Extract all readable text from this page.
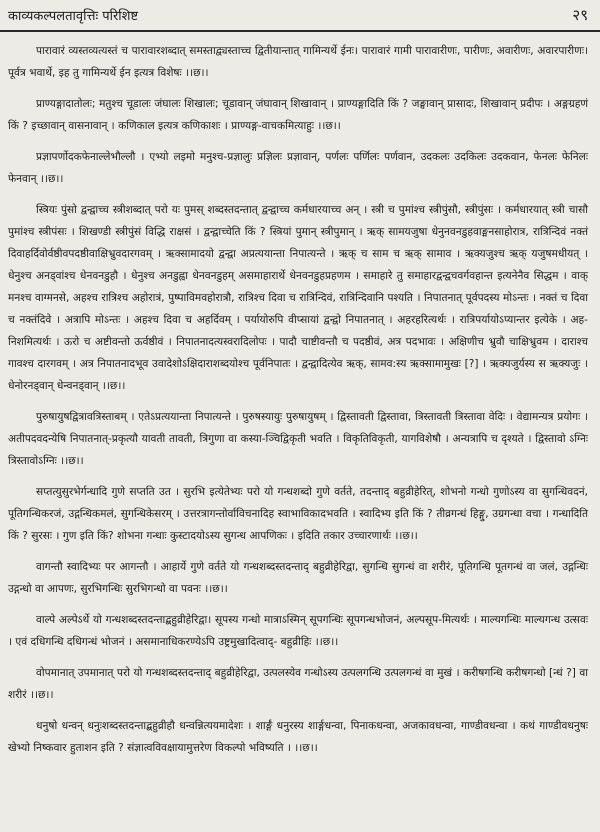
काव्यकल्पलतावृत्तिः परिशिष्ट	२९

पारावारं व्यस्तव्यत्यस्तं च पारावारशब्दात् समस्ताद्व्यस्ताच्च द्वितीयान्तात् गामिन्यर्थे ईनः। पारावारं गामी पारावारीणः, पारीणः, अवारीणः, अवारपारीणः। पूर्वत्र भवार्थे, इह तु गामिन्यर्थे ईन इत्यत्र विशेषः ।।छ।।

प्राण्यङ्गादातोलः; मतुश्च चूडालः जंघालः शिखालः; चूडावान् जंघावान् शिखावान् । प्राण्यङ्गादिति किं ? जङ्घावान् प्रासादः, शिखावान् प्रदीपः । अङ्गग्रहणं किं ? इच्छावान् वासनावान् । कणिकाल इत्यत्र कणिकाशः । प्राण्यङ्ग-वाचकमित्याहुः ।।छ।।

प्रज्ञापर्णोदकफेनाल्लेभौल्लौ । एभ्यो लइमो मनुश्च-प्रज्ञालुः प्रज्ञिलः प्रज्ञावान्, पर्णलः पर्णिलः पर्णवान, उदकलः उदकिलः उदकवान, फेनलः फेनिलः फेनवान् ।।छ।।

स्त्रियः पुंसो द्वन्द्वाच्च स्त्रीशब्दात् परो यः पुमस् शब्दस्तदन्तात् द्वन्द्वाच्च कर्मधारयाच्च अन् । स्त्री च पुमांश्च स्त्रीपुंसौ, स्त्रीपुंसः । कर्मधारयात् स्त्री चासौ पुमांश्च स्त्रीपंसः । शिखण्डी स्त्रीपुंसं विद्धि राक्षसं । द्वन्द्वाच्चेति किं ? स्त्रियां पुमान् स्त्रीपुमान् । ऋक् सामयजुषा धेनुनवनडुहवाङ्मनसाहोरात्र, रात्रिन्दिवं नक्तं दिवाहर्दिवोर्वष्ठीवपदष्ठीवाक्षिभ्रुवदारगवम् । ऋक्सामादयो द्वन्द्वा अप्रत्ययान्ता निपात्यन्ते । ऋक् च साम च ऋक् सामाव । ऋक्यजुश्च ऋक् यजुषमधीयत् । धेनुश्च अनड्वांश्च धेनवनडुहौ । धेनुश्च अनडुह्वा धेनवनडुहम् असमाहारार्थे धेनवनडुहप्रहणम । समाहारे तु समाहारद्वन्द्वचवर्गवहान्त इत्यनेनैव सिद्धम । वाक् मनश्च वाग्मनसे, अहश्च रात्रिश्च अहोरात्रं, पुष्पाविमवहोरात्रौ, रात्रिश्च दिवा च रात्रिन्दिवं, रात्रिन्दिवानि पश्यति । निपातनात् पूर्वपदस्य मोऽन्तः । नक्तं च दिवा च नक्तंदिवे । अत्रापि मोऽन्तः । अहश्च दिवा च अहर्दिवम् । पर्यायोरुपि वीप्सायां द्वन्द्वो निपातनात् । अहरहरित्यर्थः । रात्रिपर्यायोऽप्यान्तर इत्येके । अह-निशमित्यर्थः । ऊरो च अष्टीवन्तो ऊर्वष्ठीवं । निपातनादत्यस्वरादिलोपः । पादौ चाष्टीवन्तौ च पदष्ठीवं, अत्र पदभावः । अक्षिणीच भ्रुवौ चाक्षिभ्रुवम । दाराश्च गावश्च दारगवम् । अत्र निपातनादभूव उवादेशोऽक्षिदाराशब्दयोश्च पूर्वनिपातः । द्वन्द्वादित्येव ऋक्, सामव:स्य ऋक्सामामुखः [?] । ऋक्यजुर्यस्य स ऋक्यजुः । धेनोरनड्वान् धेन्वनड्वान् ।।छ।।

पुरुषायुषद्वित्रावत्रिस्ताबम् । एतेऽप्रत्ययान्ता निपात्यन्ते । पुरुषस्यायुः पुरुषायुषम् । द्विस्तावती द्विस्तावा, त्रिस्तावती त्रिस्तावा वेदिः । वेद्यामन्यत्र प्रयोगः । अतीपदवदन्येषि निपातनात्-प्रकृत्यौ यावती तावती, त्रिगुणा वा कस्या-ञ्चिद्विकृती भवति । विकृतिविकृती, यागविशेषौ । अन्यत्रापि च दृश्यते । द्विस्तावो ऽग्निः त्रिस्तावोऽग्निः ।।छ।।

सप्तत्युसुरभेर्गन्धादि गुणे सप्तति उत । सुरभि इत्येतेभ्यः परो यो गन्धशब्दो गुणे वर्तते, तदन्ताद् बहुव्रीहेरित्, शोभनो गन्धो गुणोऽस्य वा सुगन्धिवदनं, पूतिगन्धिकरजं, उद्गन्धिकमलं, सुगन्धिकेसरम् । उत्तरत्रागन्तोर्वाविचनादिह स्वाभाविकादभवति । स्वादिभ्य इति किं ? तीव्रगन्धं हिङ्गु, उग्रगन्धा वचा । गन्धादिति किं ? सुरसः । गुण इति किं? शोभना गन्धाः कुस्टादयोऽस्य सुगन्ध आपणिकः । इदिति तकार उच्चारणार्थः ।।छ।।

वागन्तौ स्वादिभ्यः पर आगन्तौ । आहार्ये गुणे वर्तते यो गन्धशब्दस्तदन्ताद् बहुव्रीहेरिद्वा, सुगन्धि सुगन्धं वा शरीरं, पूतिगन्धि पूतगन्धं वा जलं, उद्गन्धिः उद्गन्धो वा आपणः, सुरभिगन्धिः सुरभिगन्धो वा पवनः ।।छ।।

वाल्पे अल्पेऽर्थे यो गन्धशब्दस्तदन्ताद्बहुव्रीहेरिद्वा। सूपस्य गन्धो मात्राऽस्मिन् सूपगन्धिः सूपगन्धभोजनं, अल्पसूप-मित्यर्थः । माल्यगन्धिः माल्यगन्ध उत्सवः । एवं दधिगन्धि दधिगन्धं भोजनं । असमानाधिकरण्येऽपि उष्ट्रमुखादित्वाद्- बहुव्रीहिः ।।छ।।

वोपमानात् उपमानात् परो यो गन्धशब्दस्तदन्ताद् बहुव्रीहेरिद्वा, उत्पलस्येव गन्धोऽस्य उत्पलगन्धि उत्पलगन्धं वा मुखं । करीषगन्धि करीषगन्धो [न्धं ?] वा शरीरं ।।छ।।

धनुषो धन्वन् धनुःशब्दस्तदन्ताद्बहुव्रीहौ धन्वन्नित्ययमादेशः । शार्ङ्गं धनुरस्य शार्ङ्गधन्वा, पिनाकधन्वा, अजकावधन्वा, गाण्डीवधन्वा । कथं गाण्डीवधनुषः खेभ्यो निष्कवार हुताशन इति ? संज्ञात्वविवक्षायामुत्तरेण विकल्पो भविष्यति । ।।छ।।
